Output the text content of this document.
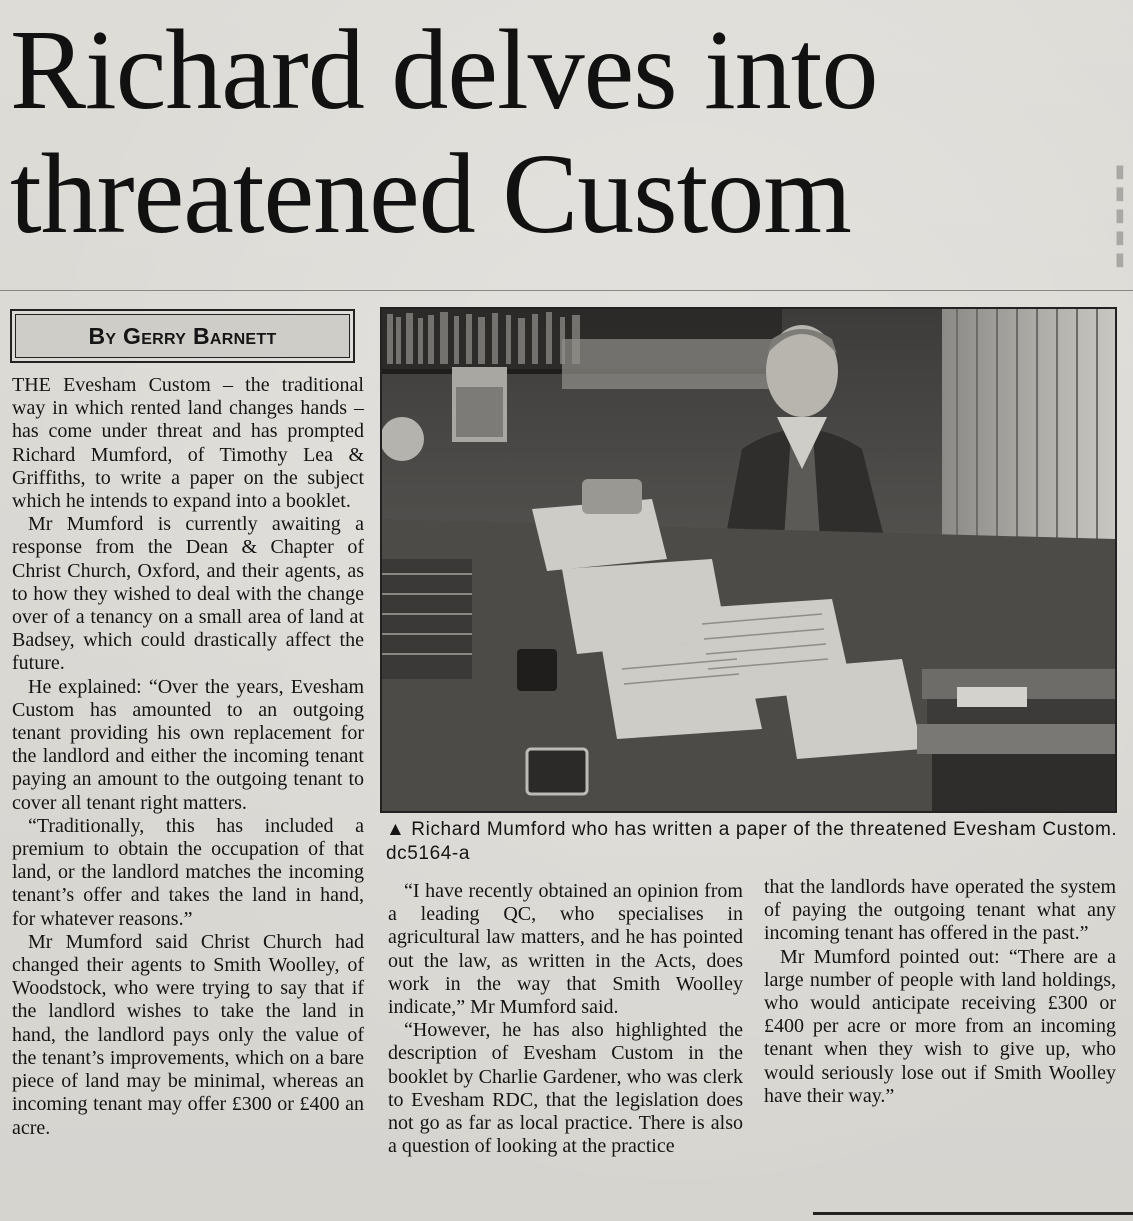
▮
▮
▮
▮
▮
Richard delves into
threatened Custom
By Gerry Barnett

THE Evesham Custom – the traditional way in which rented land changes hands – has come under threat and has prompted Richard Mumford, of Timothy Lea & Griffiths, to write a paper on the subject which he intends to expand into a booklet.

Mr Mumford is currently awaiting a response from the Dean & Chapter of Christ Church, Oxford, and their agents, as to how they wished to deal with the change over of a tenancy on a small area of land at Badsey, which could drastically affect the future.

He explained: “Over the years, Evesham Custom has amounted to an outgoing tenant providing his own replacement for the landlord and either the incoming tenant paying an amount to the outgoing tenant to cover all tenant right matters.

“Traditionally, this has included a premium to obtain the occupation of that land, or the landlord matches the incoming tenant’s offer and takes the land in hand, for whatever reasons.”

Mr Mumford said Christ Church had changed their agents to Smith Woolley, of Woodstock, who were trying to say that if the landlord wishes to take the land in hand, the landlord pays only the value of the tenant’s improvements, which on a bare piece of land may be minimal, whereas an incoming tenant may offer £300 or £400 an acre.

▲ Richard Mumford who has written a paper of the threatened Evesham Custom. dc5164-a

“I have recently obtained an opinion from a leading QC, who specialises in agricultural law matters, and he has pointed out the law, as written in the Acts, does work in the way that Smith Woolley indicate,” Mr Mumford said.

“However, he has also highlighted the description of Evesham Custom in the booklet by Charlie Gardener, who was clerk to Evesham RDC, that the legislation does not go as far as local practice. There is also a question of looking at the practice

that the landlords have operated the system of paying the outgoing tenant what any incoming tenant has offered in the past.”

Mr Mumford pointed out: “There are a large number of people with land holdings, who would anticipate receiving £300 or £400 per acre or more from an incoming tenant when they wish to give up, who would seriously lose out if Smith Woolley have their way.”
